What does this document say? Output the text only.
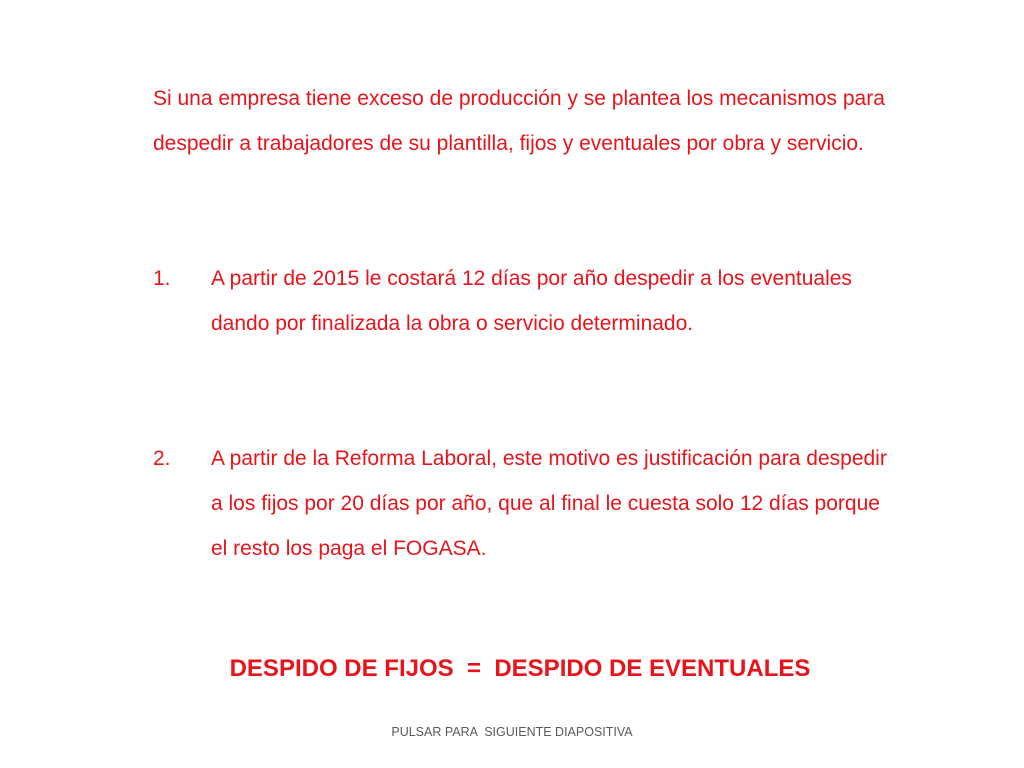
Si una empresa tiene exceso de producción y se plantea los mecanismos para despedir a trabajadores de su plantilla, fijos y eventuales por obra y servicio.

1.	A partir de 2015 le costará 12 días por año despedir a los eventuales dando por finalizada la obra o servicio determinado.
2.	A partir de la Reforma Laboral, este motivo es justificación para despedir a los fijos por 20 días por año, que al final le cuesta solo 12 días porque el resto los paga el FOGASA.

DESPIDO DE FIJOS  =  DESPIDO DE EVENTUALES

PULSAR PARA  SIGUIENTE DIAPOSITIVA
